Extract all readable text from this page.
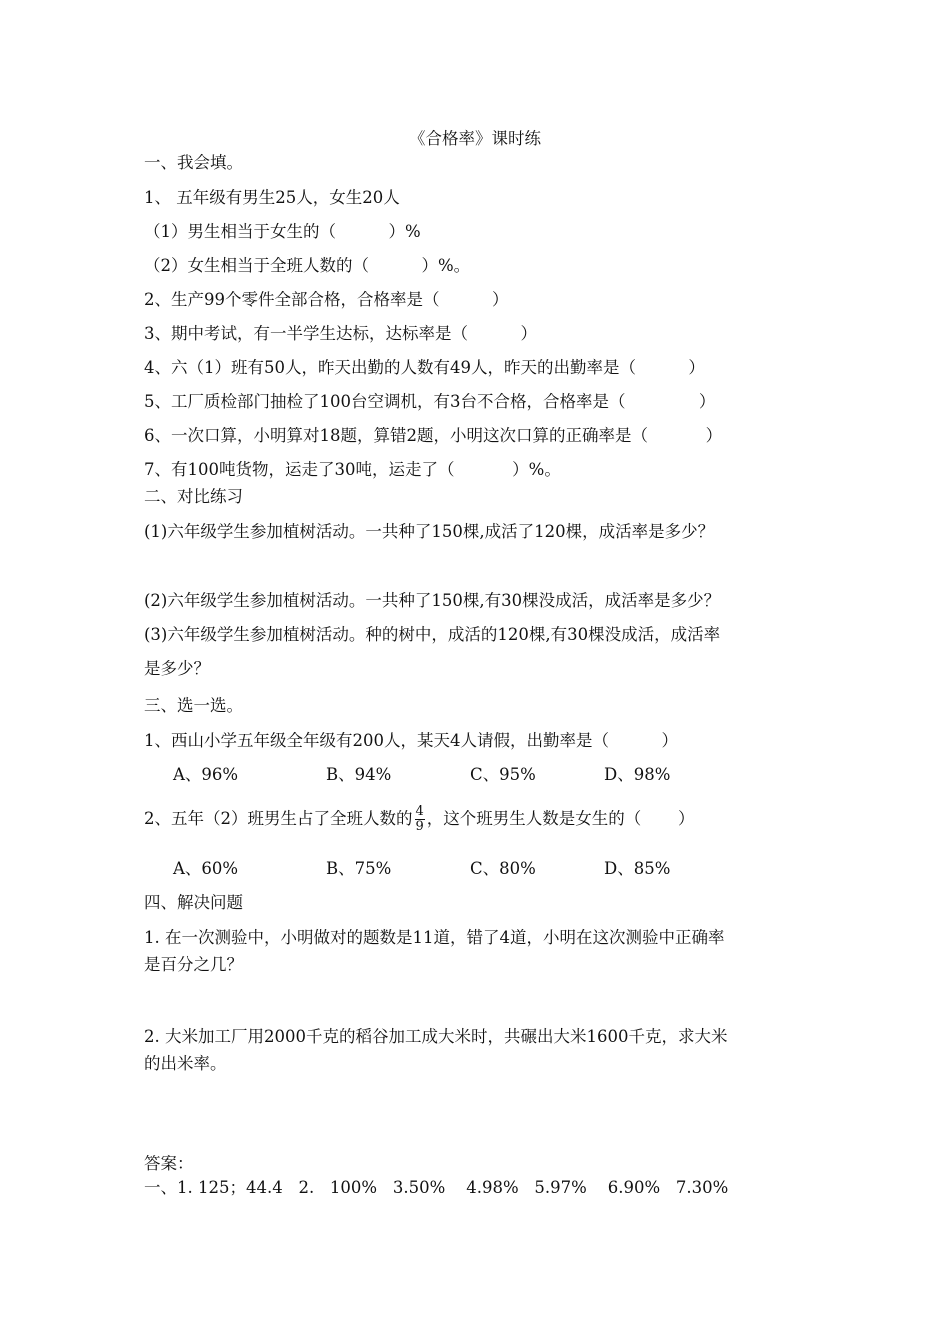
《合格率》课时练
一、我会填。
1、 五年级有男生25人，女生20人
（1）男生相当于女生的（          ）%
（2）女生相当于全班人数的（          ）%。
2、生产99个零件全部合格，合格率是（          ）
3、期中考试，有一半学生达标，达标率是（          ）
4、六（1）班有50人，昨天出勤的人数有49人，昨天的出勤率是（          ）
5、工厂质检部门抽检了100台空调机，有3台不合格，合格率是（              ）
6、一次口算，小明算对18题，算错2题，小明这次口算的正确率是（           ）
7、有100吨货物，运走了30吨，运走了（           ）%。
二、对比练习
(1)六年级学生参加植树活动。一共种了150棵,成活了120棵，成活率是多少？
(2)六年级学生参加植树活动。一共种了150棵,有30棵没成活，成活率是多少？
(3)六年级学生参加植树活动。种的树中，成活的120棵,有30棵没成活，成活率
是多少？
三、选一选。
1、西山小学五年级全年级有200人，某天4人请假，出勤率是（          ）
A、96%	B、94%	C、95%	D、98%
2、五年（2）班男生占了全班人数的 $\frac{4}{9}$ ，这个班男生人数是女生的（       ）
A、60%	B、75%	C、80%	D、85%
四、解决问题
1. 在一次测验中，小明做对的题数是11道，错了4道，小明在这次测验中正确率
是百分之几？
2. 大米加工厂用2000千克的稻谷加工成大米时，共碾出大米1600千克，求大米
的出米率。
答案：
一、1. 125；44.4   2.   100%   3.50%    4.98%   5.97%    6.90%   7.30%
